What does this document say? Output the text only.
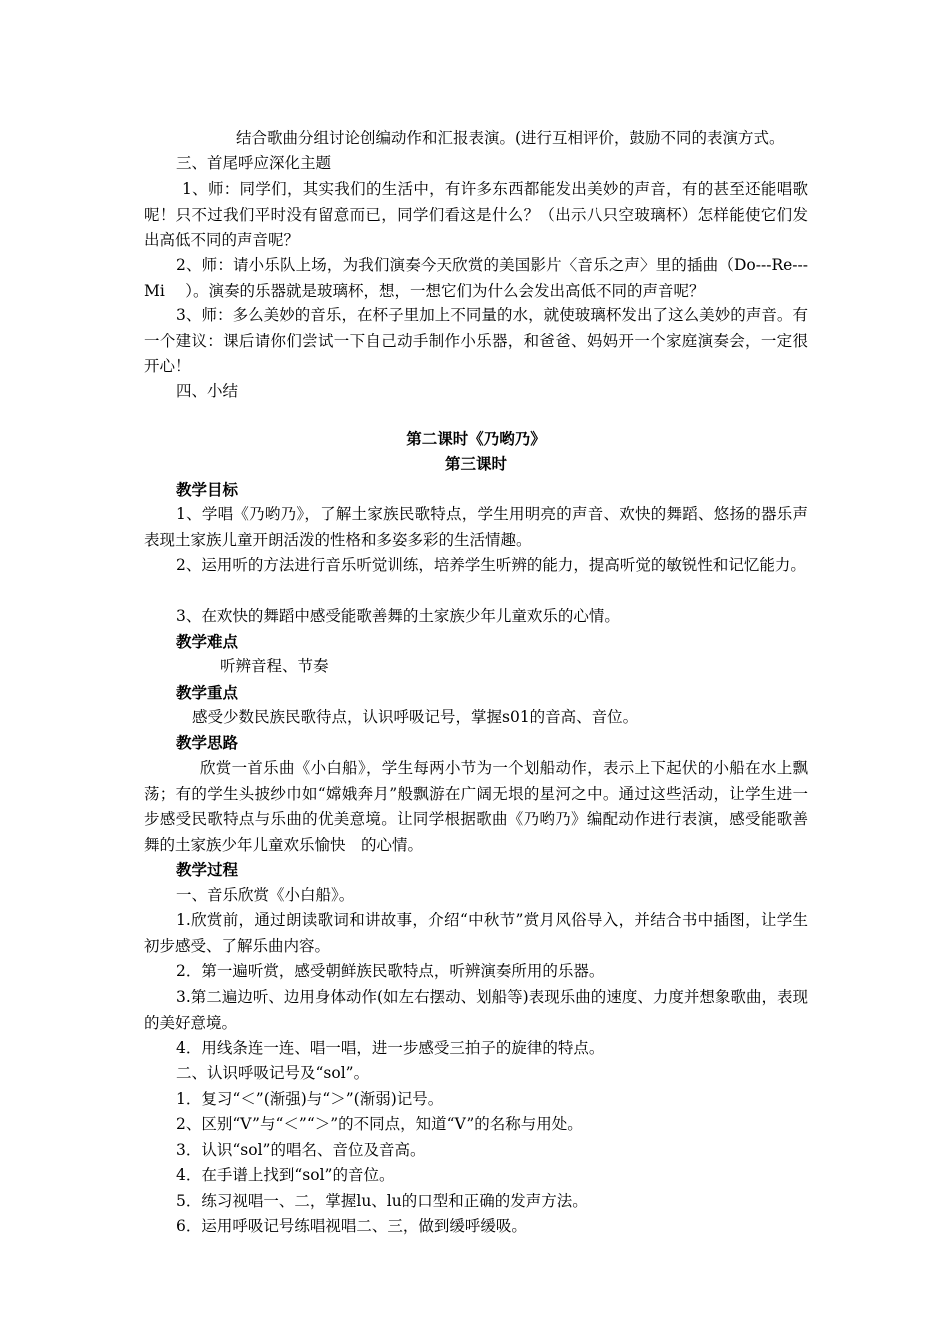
结合歌曲分组讨论创编动作和汇报表演。(进行互相评价，鼓励不同的表演方式。

三、首尾呼应深化主题

1、师：同学们，其实我们的生活中，有许多东西都能发出美妙的声音，有的甚至还能唱歌呢！只不过我们平时没有留意而已，同学们看这是什么？（出示八只空玻璃杯）怎样能使它们发出高低不同的声音呢？

2、师：请小乐队上场，为我们演奏今天欣赏的美国影片〈音乐之声〉里的插曲（Do---Re---Mi　 ）。演奏的乐器就是玻璃杯，想，一想它们为什么会发出高低不同的声音呢？

3、师：多么美妙的音乐，在杯子里加上不同量的水，就使玻璃杯发出了这么美妙的声音。有一个建议：课后请你们尝试一下自己动手制作小乐器，和爸爸、妈妈开一个家庭演奏会，一定很开心！

四、小结

第二课时《乃哟乃》

第三课时

教学目标

1、学唱《乃哟乃》，了解土家族民歌特点，学生用明亮的声音、欢快的舞蹈、悠扬的器乐声表现土家族儿童开朗活泼的性格和多姿多彩的生活情趣。

2、运用听的方法进行音乐听觉训练，培养学生听辨的能力，提高听觉的敏锐性和记忆能力。

3、在欢快的舞蹈中感受能歌善舞的土家族少年儿童欢乐的心情。

教学难点

听辨音程、节奏

教学重点

感受少数民族民歌待点，认识呼吸记号，掌握s01的音高、音位。

教学思路

欣赏一首乐曲《小白船》，学生每两小节为一个划船动作，表示上下起伏的小船在水上飘荡；有的学生头披纱巾如“嫦娥奔月”般飘游在广阔无垠的星河之中。通过这些活动，让学生进一步感受民歌特点与乐曲的优美意境。让同学根据歌曲《乃哟乃》编配动作进行表演，感受能歌善舞的土家族少年儿童欢乐愉快　的心情。

教学过程

一、音乐欣赏《小白船》。

1.欣赏前，通过朗读歌词和讲故事，介绍“中秋节”赏月风俗导入，并结合书中插图，让学生初步感受、了解乐曲内容。

2．第一遍听赏，感受朝鲜族民歌特点，听辨演奏所用的乐器。

3.第二遍边听、边用身体动作(如左右摆动、划船等)表现乐曲的速度、力度并想象歌曲，表现的美好意境。

4．用线条连一连、唱一唱，进一步感受三拍子的旋律的特点。

二、认识呼吸记号及“sol”。

1．复习“＜”(渐强)与“＞”(渐弱)记号。

2、区别“V”与“＜”“＞”的不同点，知道“V”的名称与用处。

3．认识“sol”的唱名、音位及音高。

4．在手谱上找到“sol”的音位。

5．练习视唱一、二，掌握lu、lu的口型和正确的发声方法。

6．运用呼吸记号练唱视唱二、三，做到缓呼缓吸。
